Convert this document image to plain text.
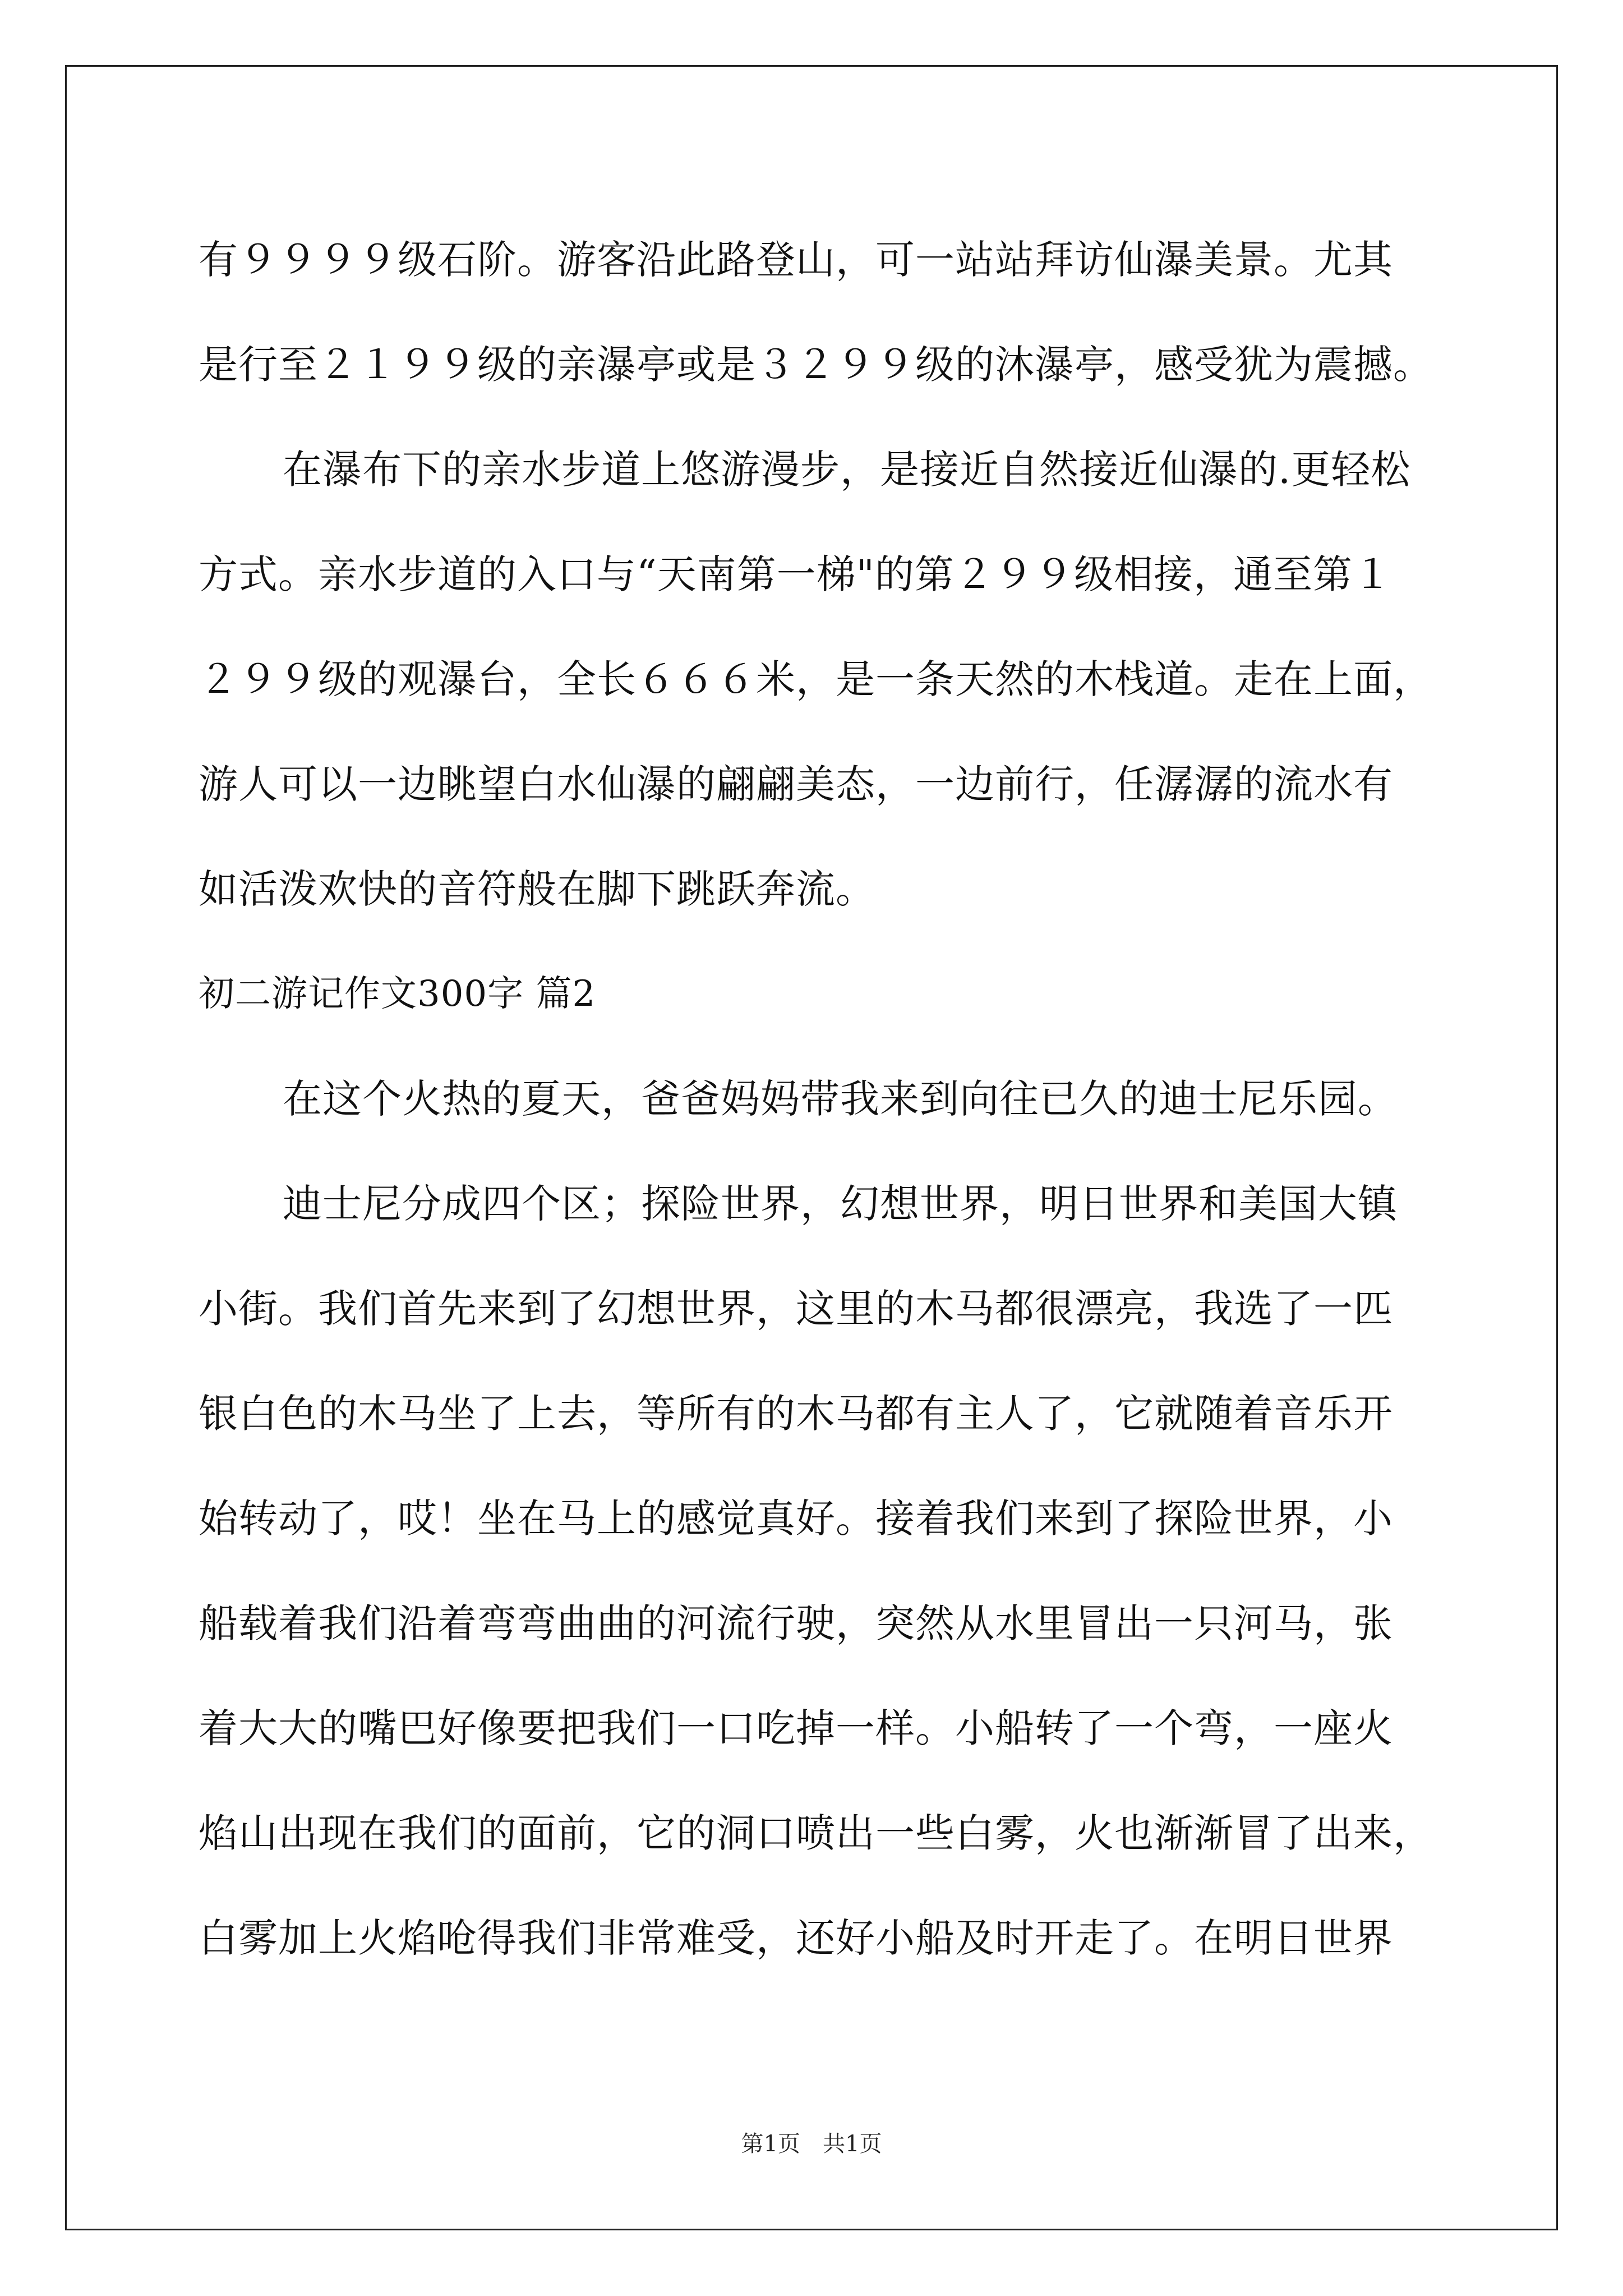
有９９９９级石阶。游客沿此路登山，可一站站拜访仙瀑美景。尤其
是行至２１９９级的亲瀑亭或是３２９９级的沐瀑亭，感受犹为震撼。
在瀑布下的亲水步道上悠游漫步，是接近自然接近仙瀑的.更轻松
方式。亲水步道的入口与“天南第一梯"的第２９９级相接，通至第１
２９９级的观瀑台，全长６６６米，是一条天然的木栈道。走在上面，
游人可以一边眺望白水仙瀑的翩翩美态，一边前行，任潺潺的流水有
如活泼欢快的音符般在脚下跳跃奔流。
初二游记作文300字 篇2
在这个火热的夏天，爸爸妈妈带我来到向往已久的迪士尼乐园。
迪士尼分成四个区；探险世界，幻想世界，明日世界和美国大镇
小街。我们首先来到了幻想世界，这里的木马都很漂亮，我选了一匹
银白色的木马坐了上去，等所有的木马都有主人了，它就随着音乐开
始转动了，哎！坐在马上的感觉真好。接着我们来到了探险世界，小
船载着我们沿着弯弯曲曲的河流行驶，突然从水里冒出一只河马，张
着大大的嘴巴好像要把我们一口吃掉一样。小船转了一个弯，一座火
焰山出现在我们的面前，它的洞口喷出一些白雾，火也渐渐冒了出来，
白雾加上火焰呛得我们非常难受，还好小船及时开走了。在明日世界
第1页　共1页
